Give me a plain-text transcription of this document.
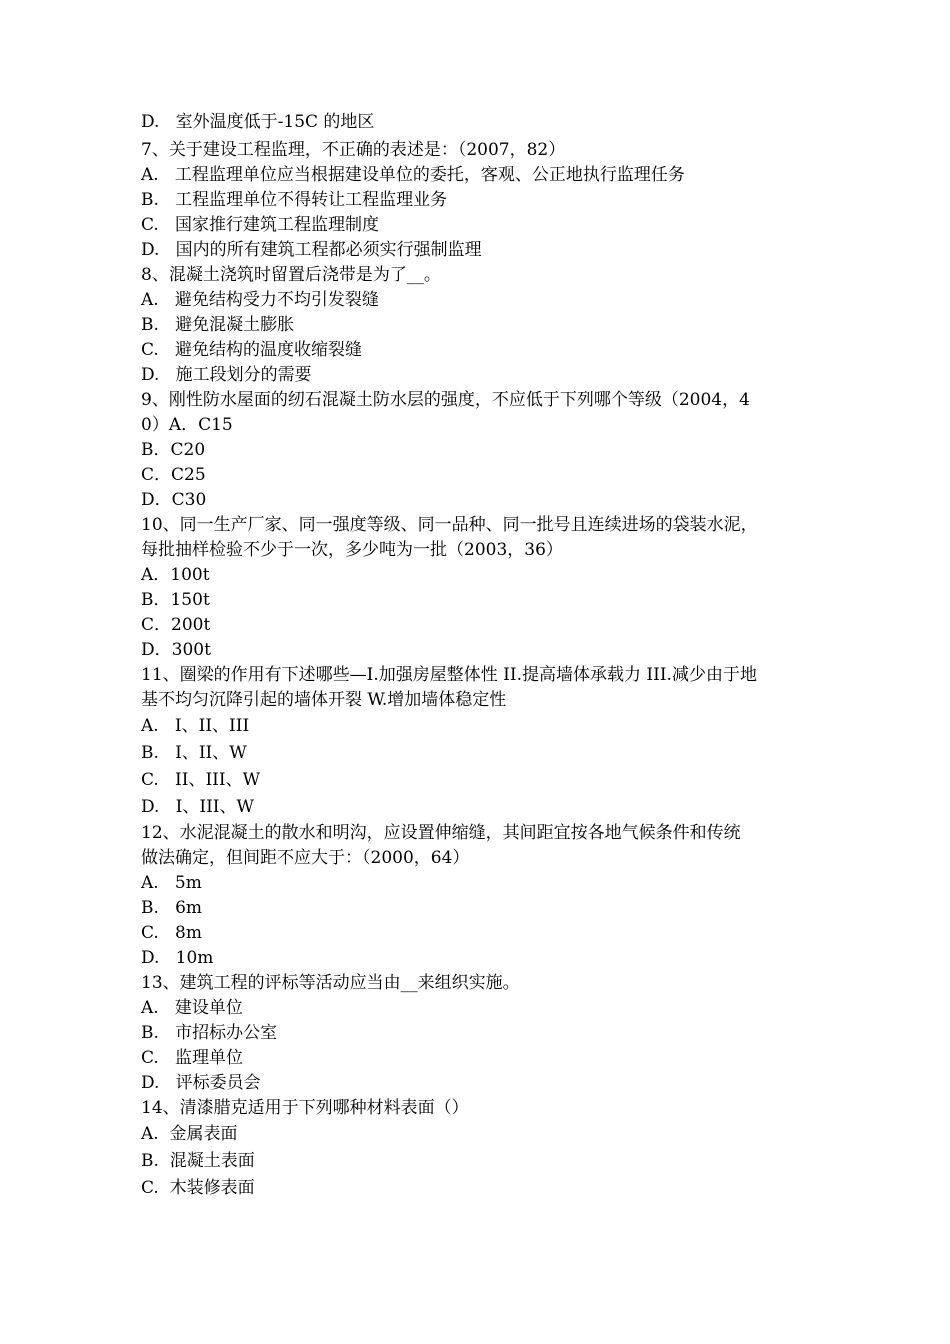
D.   室外温度低于-15C 的地区
7、关于建设工程监理，不正确的表述是：（2007，82）
A.   工程监理单位应当根据建设单位的委托，客观、公正地执行监理任务
B.   工程监理单位不得转让工程监理业务
C.   国家推行建筑工程监理制度
D.   国内的所有建筑工程都必须实行强制监理
8、混凝土浇筑时留置后浇带是为了__。
A.   避免结构受力不均引发裂缝
B.   避免混凝土膨胀
C.   避免结构的温度收缩裂缝
D.   施工段划分的需要
9、刚性防水屋面的纫石混凝土防水层的强度，不应低于下列哪个等级（2004，4
0）A．C15
B．C20
C．C25
D．C30
10、同一生产厂家、同一强度等级、同一品种、同一批号且连续进场的袋装水泥，
每批抽样检验不少于一次，多少吨为一批（2003，36）
A．100t
B．150t
C．200t
D．300t
11、圈梁的作用有下述哪些—I.加强房屋整体性 II.提高墙体承载力 III.减少由于地
基不均匀沉降引起的墙体开裂 W.增加墙体稳定性
A.   I、II、III
B.   I、II、W
C.   II、III、W
D.   I、III、W
12、水泥混凝土的散水和明沟，应设置伸缩缝，其间距宜按各地气候条件和传统
做法确定，但间距不应大于：（2000，64）
A.   5m
B.   6m
C.   8m
D.   10m
13、建筑工程的评标等活动应当由__来组织实施。
A.   建设单位
B.   市招标办公室
C.   监理单位
D.   评标委员会
14、清漆腊克适用于下列哪种材料表面（）
A.  金属表面
B.  混凝土表面
C.  木装修表面
